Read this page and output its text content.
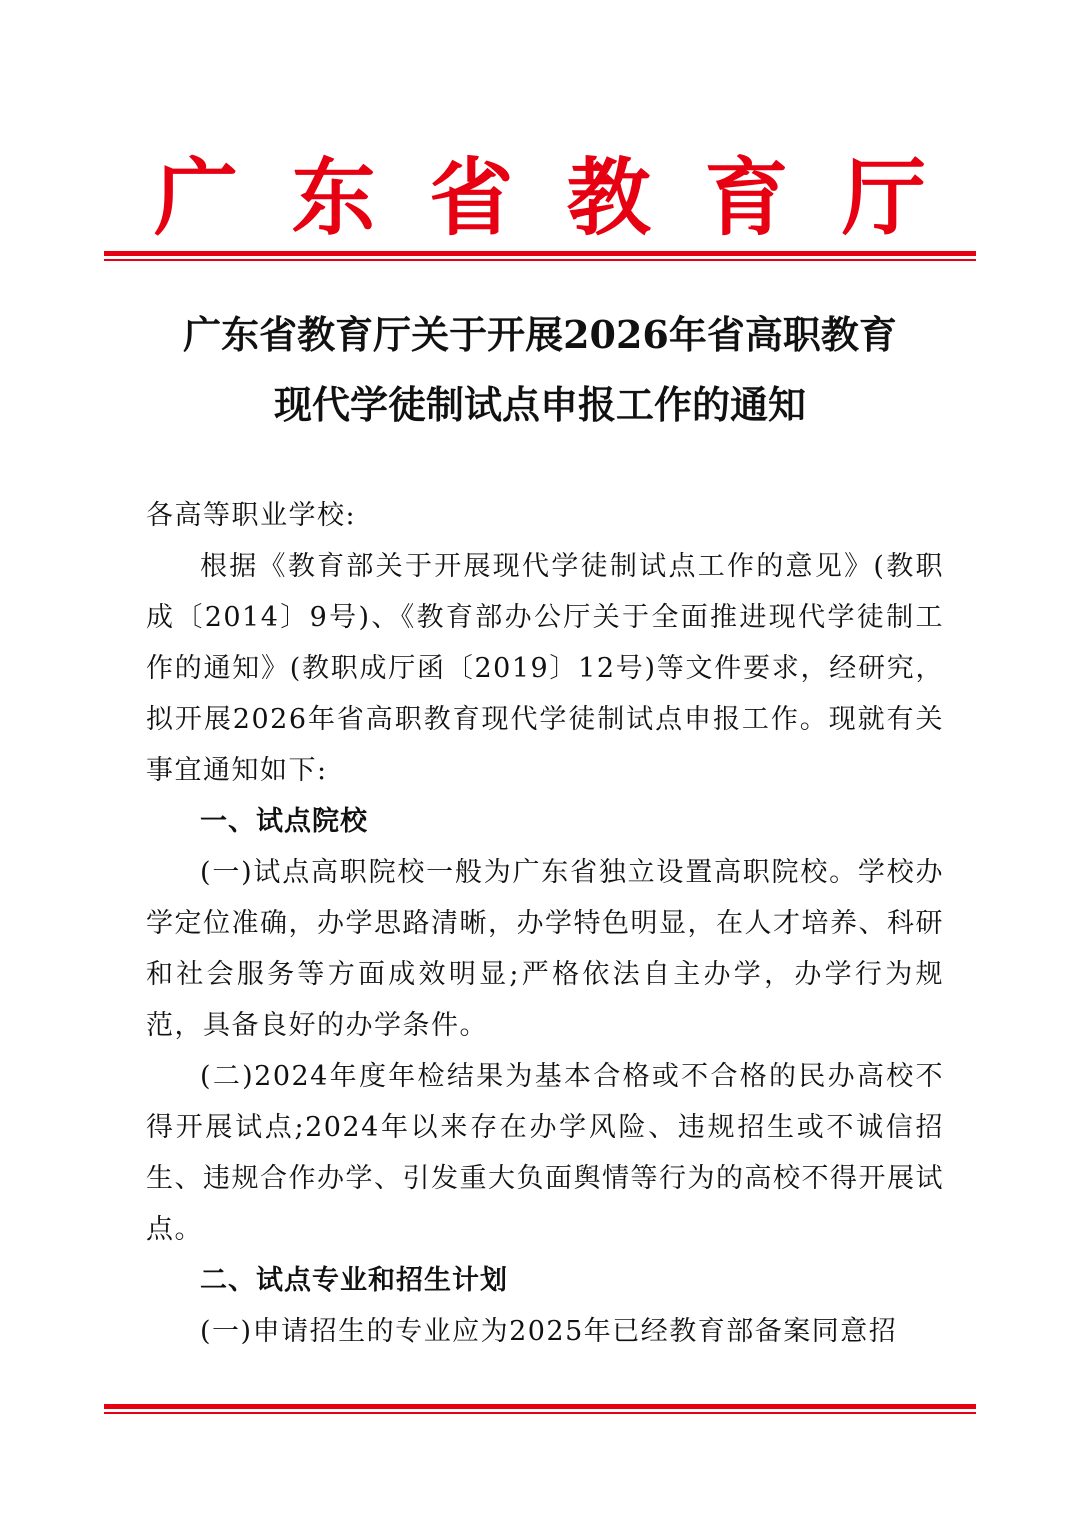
广 东 省 教 育 厅
广东省教育厅关于开展2026年省高职教育
现代学徒制试点申报工作的通知

各高等职业学校:

根据《教育部关于开展现代学徒制试点工作的意见》(教职成〔2014〕9号)、《教育部办公厅关于全面推进现代学徒制工作的通知》(教职成厅函〔2019〕12号)等文件要求，经研究，拟开展2026年省高职教育现代学徒制试点申报工作。现就有关事宜通知如下:

一、试点院校

(一)试点高职院校一般为广东省独立设置高职院校。学校办学定位准确，办学思路清晰，办学特色明显，在人才培养、科研和社会服务等方面成效明显;严格依法自主办学，办学行为规范，具备良好的办学条件。

(二)2024年度年检结果为基本合格或不合格的民办高校不得开展试点;2024年以来存在办学风险、违规招生或不诚信招生、违规合作办学、引发重大负面舆情等行为的高校不得开展试点。

二、试点专业和招生计划

(一)申请招生的专业应为2025年已经教育部备案同意招
